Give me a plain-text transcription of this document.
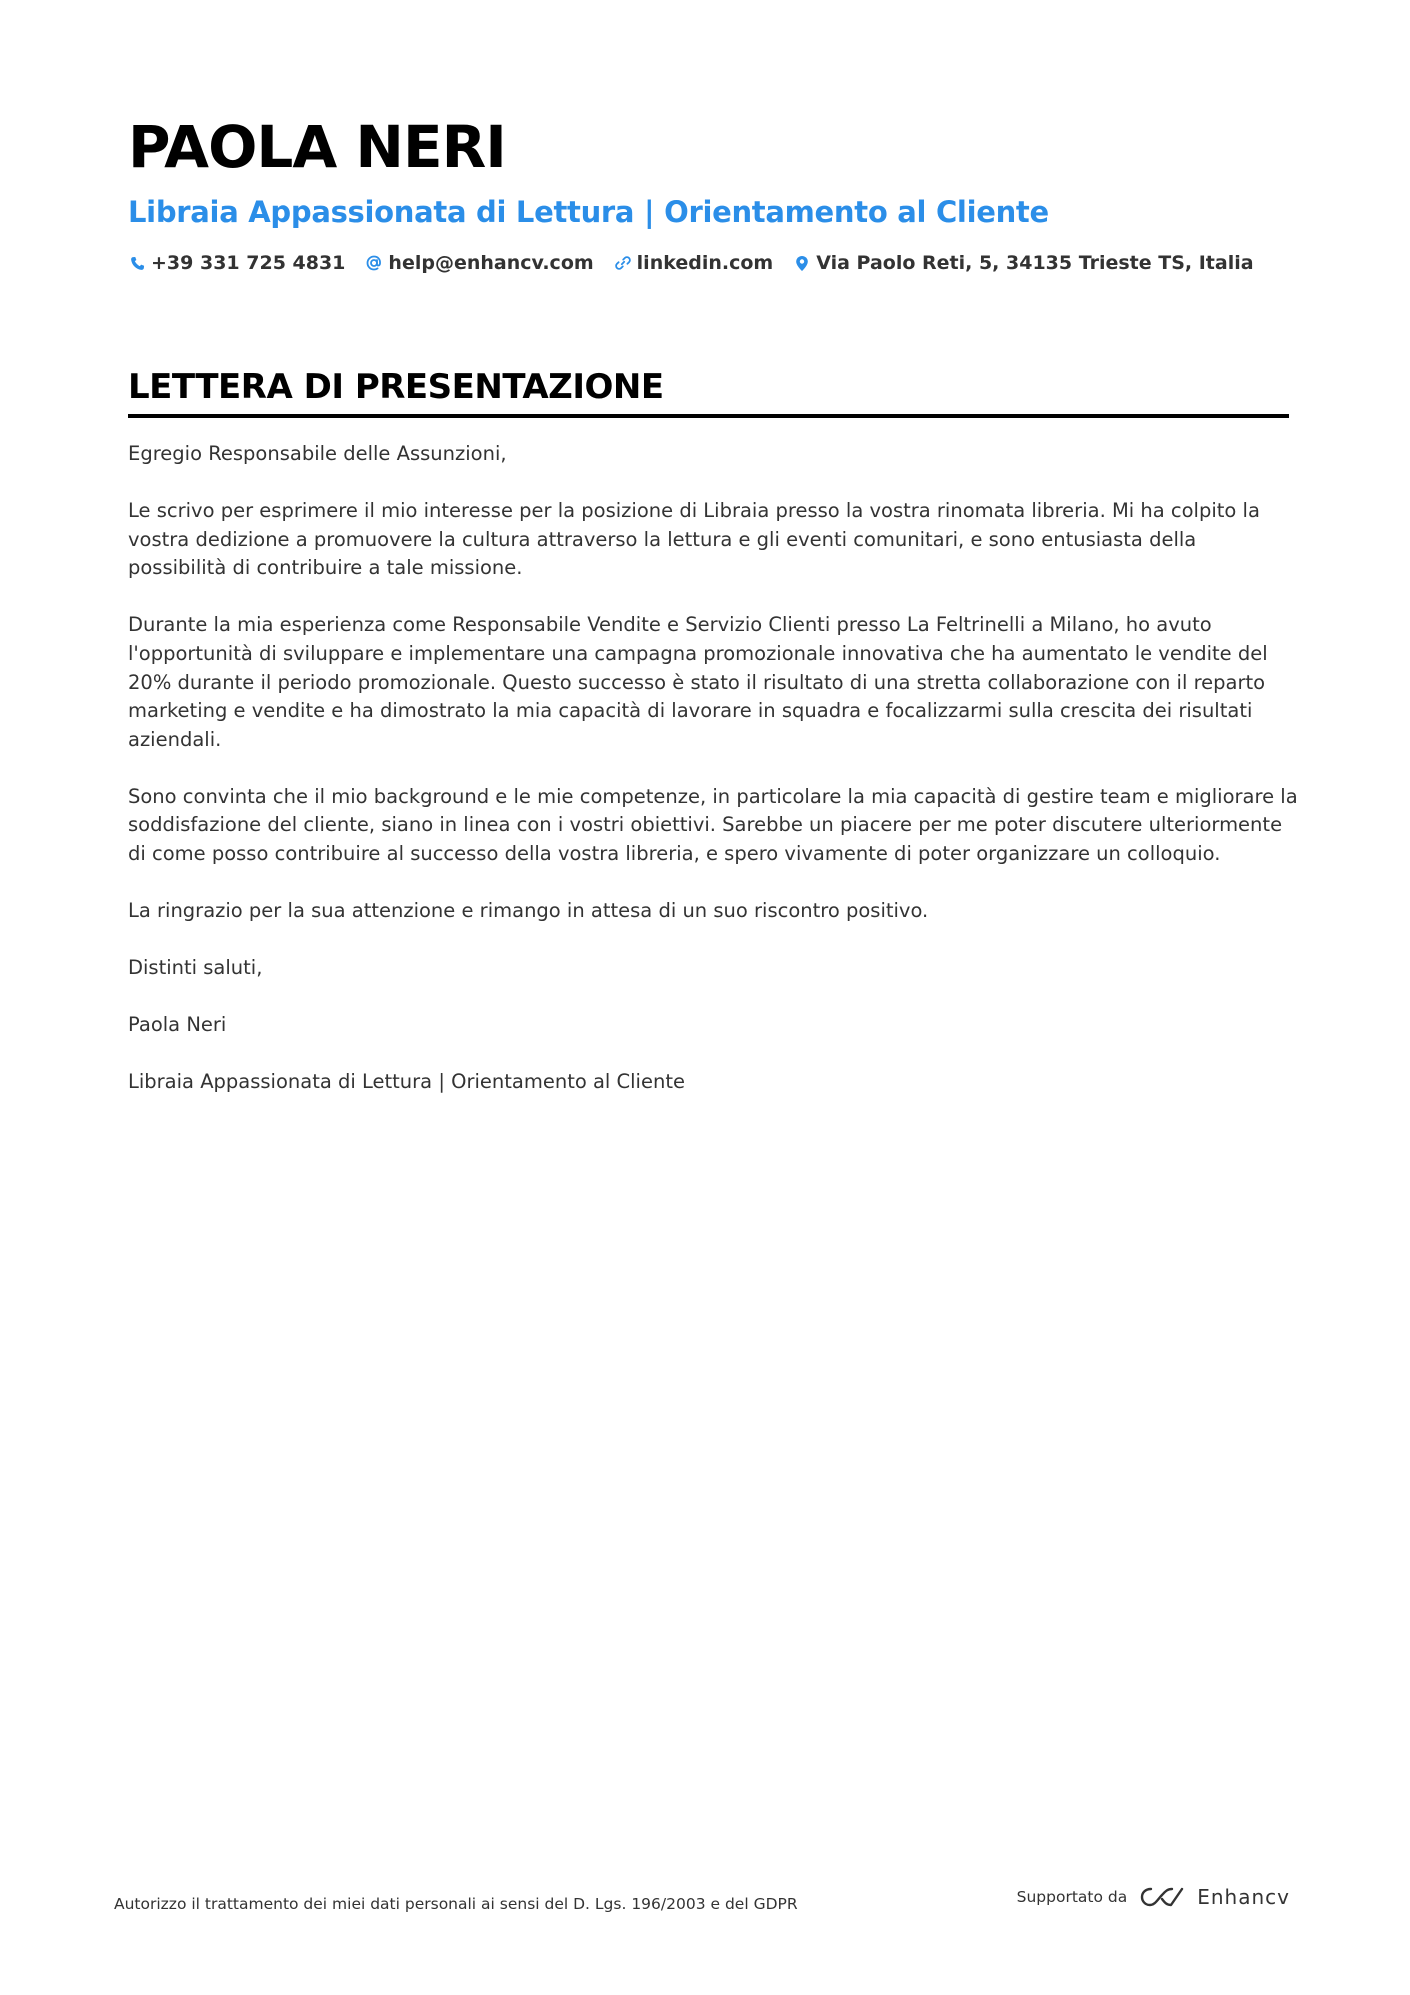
PAOLA NERI
Libraia Appassionata di Lettura | Orientamento al Cliente
+39 331 725 4831 help@enhancv.com linkedin.com Via Paolo Reti, 5, 34135 Trieste TS, Italia
LETTERA DI PRESENTAZIONE

Egregio Responsabile delle Assunzioni,

Le scrivo per esprimere il mio interesse per la posizione di Libraia presso la vostra rinomata libreria. Mi ha colpito la vostra dedizione a promuovere la cultura attraverso la lettura e gli eventi comunitari, e sono entusiasta della possibilità di contribuire a tale missione.

Durante la mia esperienza come Responsabile Vendite e Servizio Clienti presso La Feltrinelli a Milano, ho avuto l'opportunità di sviluppare e implementare una campagna promozionale innovativa che ha aumentato le vendite del 20% durante il periodo promozionale. Questo successo è stato il risultato di una stretta collaborazione con il reparto marketing e vendite e ha dimostrato la mia capacità di lavorare in squadra e focalizzarmi sulla crescita dei risultati aziendali.

Sono convinta che il mio background e le mie competenze, in particolare la mia capacità di gestire team e migliorare la soddisfazione del cliente, siano in linea con i vostri obiettivi. Sarebbe un piacere per me poter discutere ulteriormente di come posso contribuire al successo della vostra libreria, e spero vivamente di poter organizzare un colloquio.

La ringrazio per la sua attenzione e rimango in attesa di un suo riscontro positivo.

Distinti saluti,

Paola Neri

Libraia Appassionata di Lettura | Orientamento al Cliente

Autorizzo il trattamento dei miei dati personali ai sensi del D. Lgs. 196/2003 e del GDPR	Supportato da	Enhancv
